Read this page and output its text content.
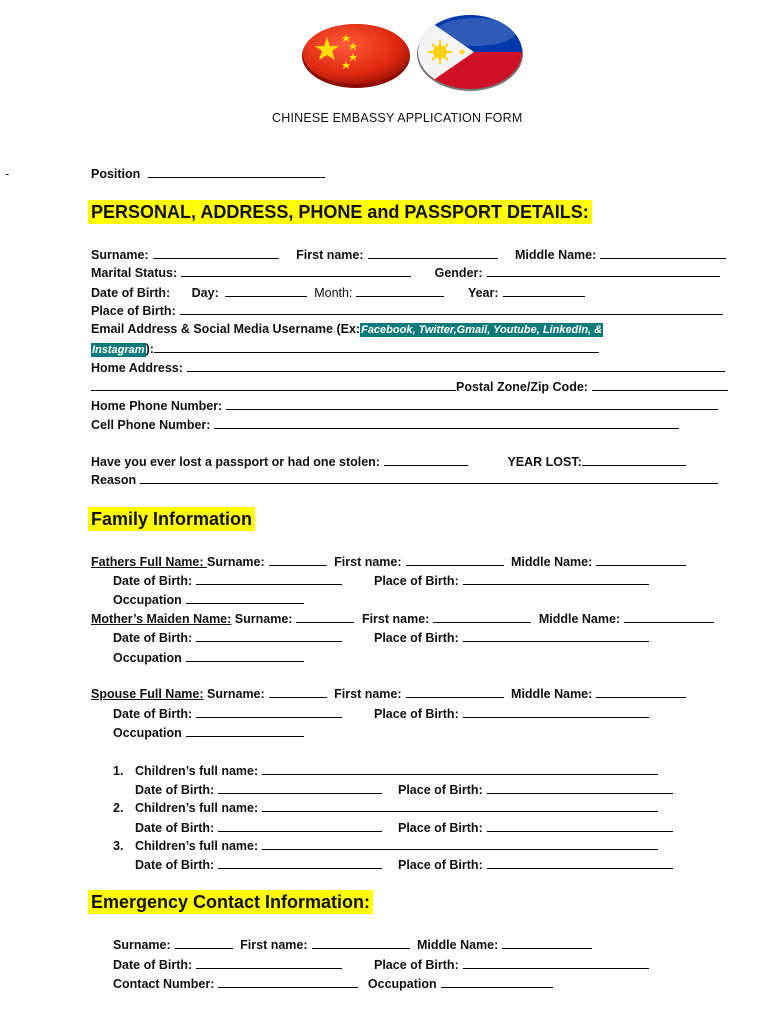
CHINESE EMBASSY APPLICATION FORM
-	Position
PERSONAL, ADDRESS, PHONE and PASSPORT DETAILS:
Surname:	First name:	Middle Name:
Marital Status:	Gender:
Date of Birth: Day:	Month:	Year:
Place of Birth:
Email Address & Social Media Username (Ex:Facebook, Twitter,Gmail, Youtube, LinkedIn, &
Instagram):
Home Address:
Postal Zone/Zip Code:
Home Phone Number:
Cell Phone Number:
Have you ever lost a passport or had one stolen:	YEAR LOST:
Reason
Family Information
Fathers Full Name: Surname:	First name:	Middle Name:
Date of Birth:	Place of Birth:
Occupation
Mother’s Maiden Name: Surname:	First name:	Middle Name:
Date of Birth:	Place of Birth:
Occupation
Spouse Full Name: Surname:	First name:	Middle Name:
Date of Birth:	Place of Birth:
Occupation
1. Children’s full name:
Date of Birth:	Place of Birth:
2. Children’s full name:
Date of Birth:	Place of Birth:
3. Children’s full name:
Date of Birth:	Place of Birth:
Emergency Contact Information:
Surname:	First name:	Middle Name:
Date of Birth:	Place of Birth:
Contact Number:	Occupation
